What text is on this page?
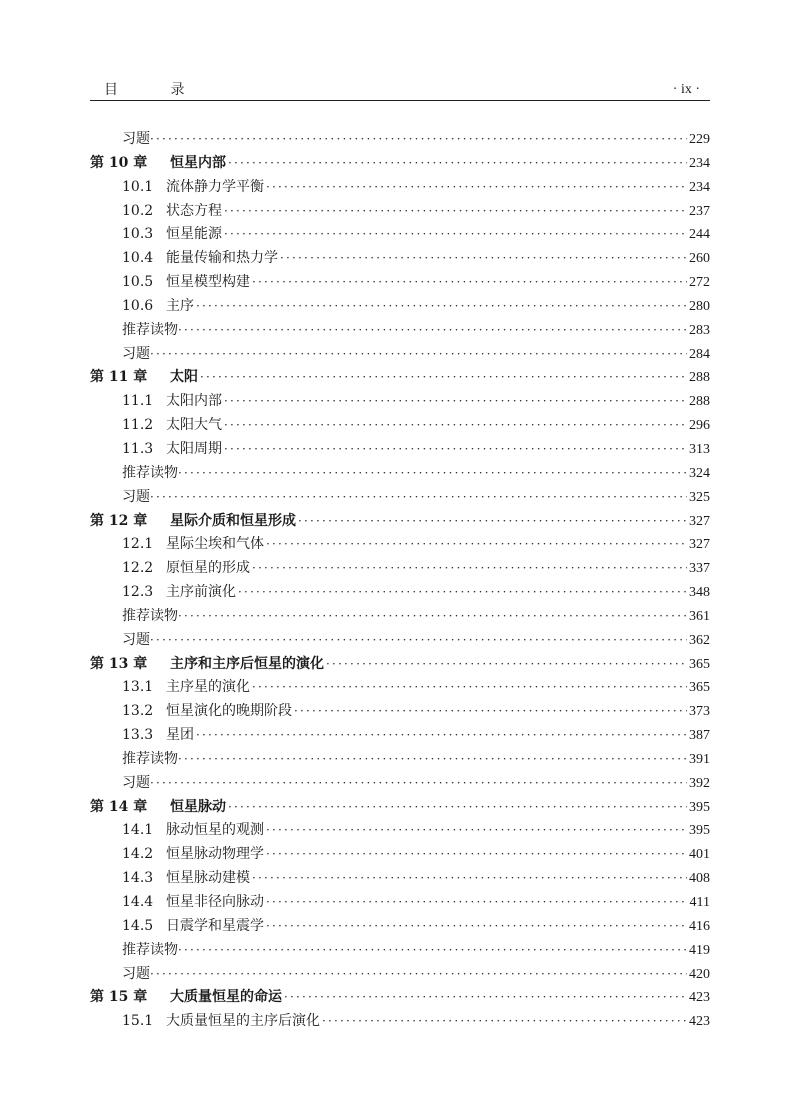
目 录	· ix ·
习题 ·····	229
第 10 章	恒星内部 ·····	234
10.1 流体静力学平衡 ·····	234
10.2 状态方程 ·····	237
10.3 恒星能源 ·····	244
10.4 能量传输和热力学 ·····	260
10.5 恒星模型构建 ·····	272
10.6 主序 ·····	280
推荐读物 ·····	283
习题 ·····	284
第 11 章	太阳 ·····	288
11.1 太阳内部 ·····	288
11.2 太阳大气 ·····	296
11.3 太阳周期 ·····	313
推荐读物 ·····	324
习题 ·····	325
第 12 章	星际介质和恒星形成 ·····	327
12.1 星际尘埃和气体 ·····	327
12.2 原恒星的形成 ·····	337
12.3 主序前演化 ·····	348
推荐读物 ·····	361
习题 ·····	362
第 13 章	主序和主序后恒星的演化 ·····	365
13.1 主序星的演化 ·····	365
13.2 恒星演化的晚期阶段 ·····	373
13.3 星团 ·····	387
推荐读物 ·····	391
习题 ·····	392
第 14 章	恒星脉动 ·····	395
14.1 脉动恒星的观测 ·····	395
14.2 恒星脉动物理学 ·····	401
14.3 恒星脉动建模 ·····	408
14.4 恒星非径向脉动 ·····	411
14.5 日震学和星震学 ·····	416
推荐读物 ·····	419
习题 ·····	420
第 15 章	大质量恒星的命运 ·····	423
15.1 大质量恒星的主序后演化 ·····	423
